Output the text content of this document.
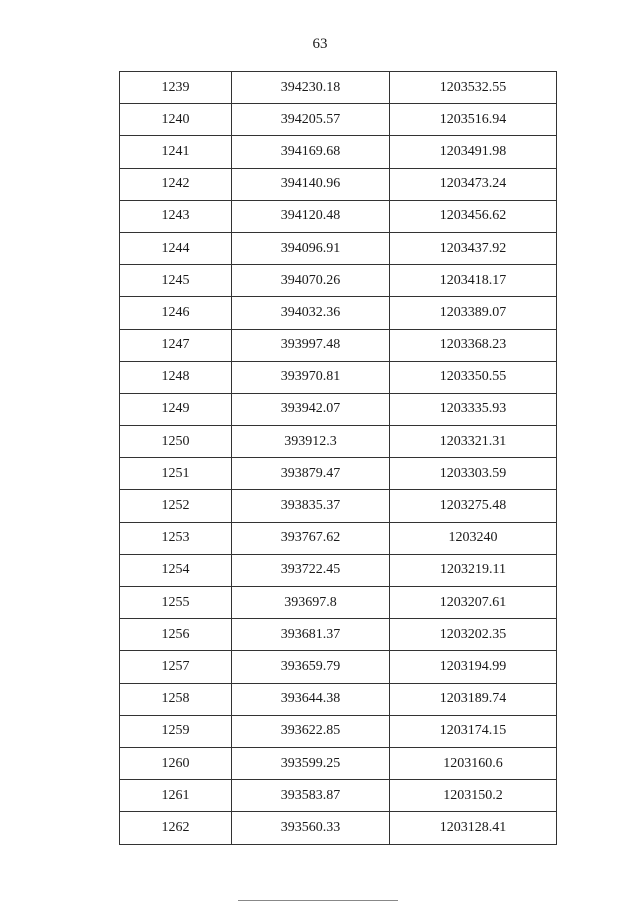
63
1239	394230.18	1203532.55
1240	394205.57	1203516.94
1241	394169.68	1203491.98
1242	394140.96	1203473.24
1243	394120.48	1203456.62
1244	394096.91	1203437.92
1245	394070.26	1203418.17
1246	394032.36	1203389.07
1247	393997.48	1203368.23
1248	393970.81	1203350.55
1249	393942.07	1203335.93
1250	393912.3	1203321.31
1251	393879.47	1203303.59
1252	393835.37	1203275.48
1253	393767.62	1203240
1254	393722.45	1203219.11
1255	393697.8	1203207.61
1256	393681.37	1203202.35
1257	393659.79	1203194.99
1258	393644.38	1203189.74
1259	393622.85	1203174.15
1260	393599.25	1203160.6
1261	393583.87	1203150.2
1262	393560.33	1203128.41
